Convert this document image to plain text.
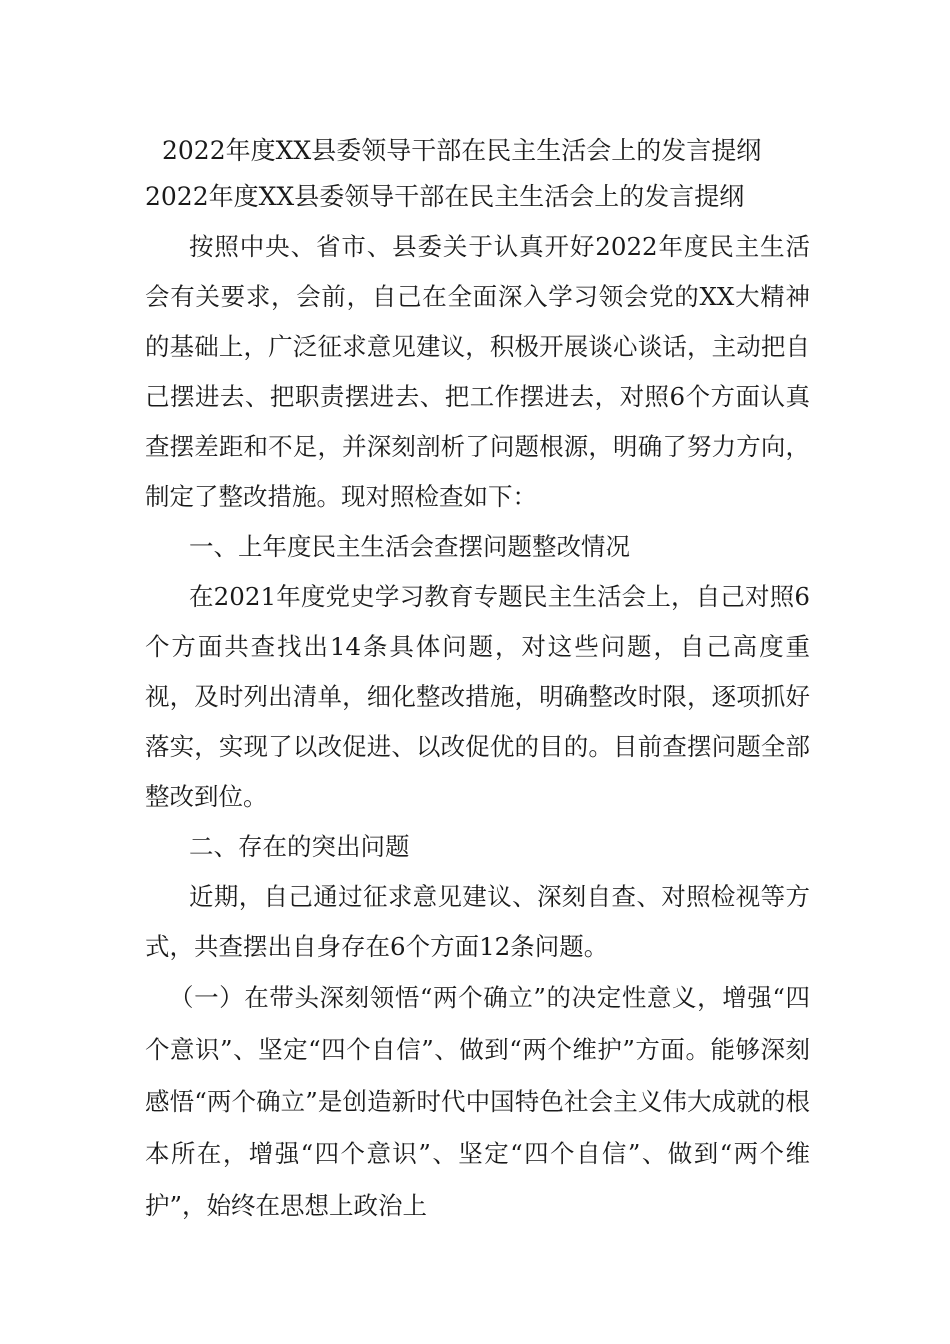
2022年度XX县委领导干部在民主生活会上的发言提纲

2022年度XX县委领导干部在民主生活会上的发言提纲

按照中央、省市、县委关于认真开好2022年度民主生活会有关要求，会前，自己在全面深入学习领会党的XX大精神的基础上，广泛征求意见建议，积极开展谈心谈话，主动把自己摆进去、把职责摆进去、把工作摆进去，对照6个方面认真查摆差距和不足，并深刻剖析了问题根源，明确了努力方向，制定了整改措施。现对照检查如下：

一、上年度民主生活会查摆问题整改情况

在2021年度党史学习教育专题民主生活会上，自己对照6个方面共查找出14条具体问题，对这些问题，自己高度重视，及时列出清单，细化整改措施，明确整改时限，逐项抓好落实，实现了以改促进、以改促优的目的。目前查摆问题全部整改到位。

二、存在的突出问题

近期，自己通过征求意见建议、深刻自查、对照检视等方式，共查摆出自身存在6个方面12条问题。

（一）在带头深刻领悟“两个确立”的决定性意义，增强“四个意识”、坚定“四个自信”、做到“两个维护”方面。能够深刻感悟“两个确立”是创造新时代中国特色社会主义伟大成就的根本所在，增强“四个意识”、坚定“四个自信”、做到“两个维护”，始终在思想上政治上
